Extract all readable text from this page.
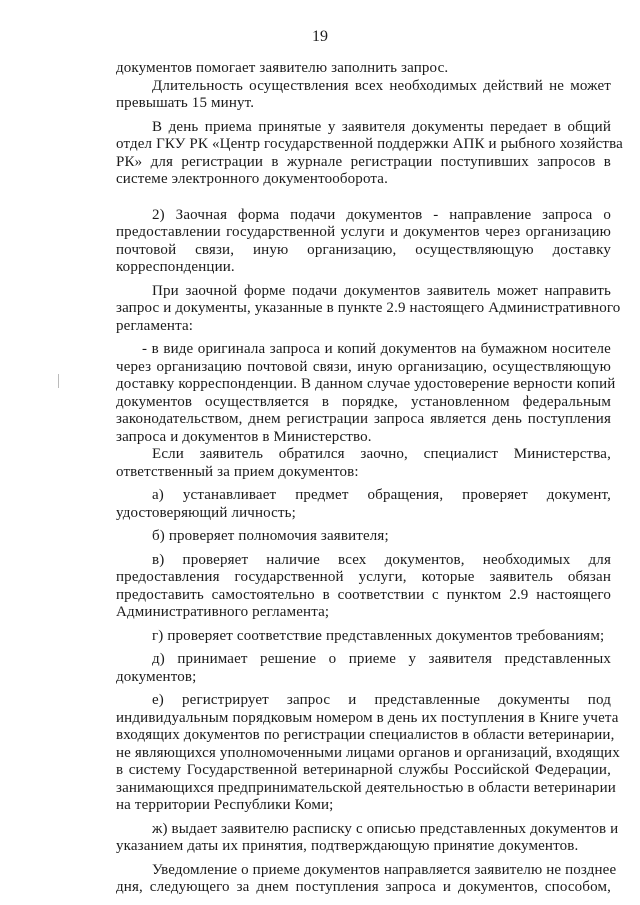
19
документов помогает заявителю заполнить запрос.
Длительность осуществления всех необходимых действий не может
превышать 15 минут.
В день приема принятые у заявителя документы передает в общий
отдел ГКУ РК «Центр государственной поддержки АПК и рыбного хозяйства
РК» для регистрации в журнале регистрации поступивших запросов в
системе электронного документооборота.
2) Заочная форма подачи документов - направление запроса о
предоставлении государственной услуги и документов через организацию
почтовой связи, иную организацию, осуществляющую доставку
корреспонденции.
При заочной форме подачи документов заявитель может направить
запрос и документы, указанные в пункте 2.9 настоящего Административного
регламента:
- в виде оригинала запроса и копий документов на бумажном носителе
через организацию почтовой связи, иную организацию, осуществляющую
доставку корреспонденции. В данном случае удостоверение верности копий
документов осуществляется в порядке, установленном федеральным
законодательством, днем регистрации запроса является день поступления
запроса и документов в Министерство.
Если заявитель обратился заочно, специалист Министерства,
ответственный за прием документов:
а) устанавливает предмет обращения, проверяет документ,
удостоверяющий личность;
б) проверяет полномочия заявителя;
в) проверяет наличие всех документов, необходимых для
предоставления государственной услуги, которые заявитель обязан
предоставить самостоятельно в соответствии с пунктом 2.9 настоящего
Административного регламента;
г) проверяет соответствие представленных документов требованиям;
д) принимает решение о приеме у заявителя представленных
документов;
е) регистрирует запрос и представленные документы под
индивидуальным порядковым номером в день их поступления в Книге учета
входящих документов по регистрации специалистов в области ветеринарии,
не являющихся уполномоченными лицами органов и организаций, входящих
в систему Государственной ветеринарной службы Российской Федерации,
занимающихся предпринимательской деятельностью в области ветеринарии
на территории Республики Коми;
ж) выдает заявителю расписку с описью представленных документов и
указанием даты их принятия, подтверждающую принятие документов.
Уведомление о приеме документов направляется заявителю не позднее
дня, следующего за днем поступления запроса и документов, способом,
